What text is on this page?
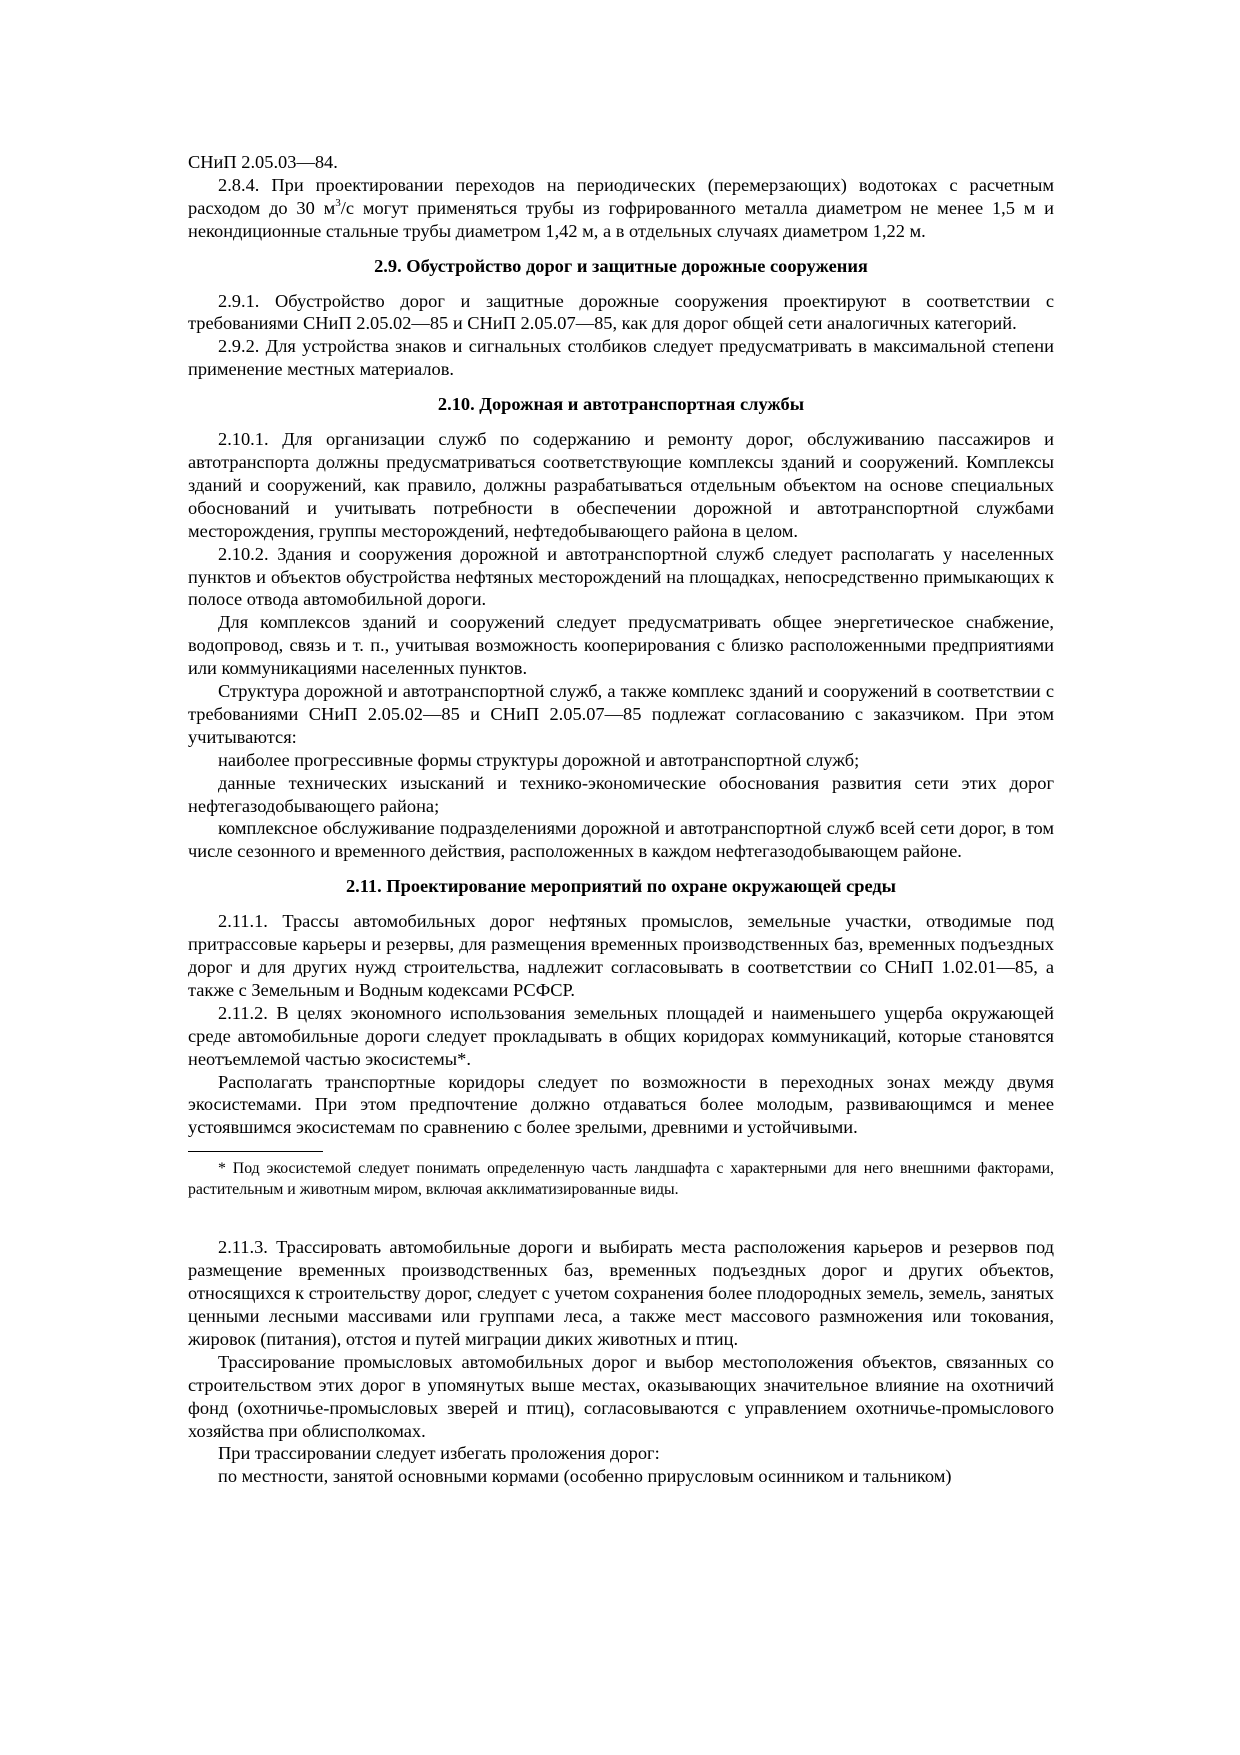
СНиП 2.05.03—84.

2.8.4. При проектировании переходов на периодических (перемерзающих) водотоках с расчетным расходом до 30 $м^3/с$ могут применяться трубы из гофрированного металла диаметром не менее 1,5 м и некондиционные стальные трубы диаметром 1,42 м, а в отдельных случаях диаметром 1,22 м.

2.9. Обустройство дорог и защитные дорожные сооружения

2.9.1. Обустройство дорог и защитные дорожные сооружения проектируют в соответствии с требованиями СНиП 2.05.02—85 и СНиП 2.05.07—85, как для дорог общей сети аналогичных категорий.

2.9.2. Для устройства знаков и сигнальных столбиков следует предусматривать в максимальной степени применение местных материалов.

2.10. Дорожная и автотранспортная службы

2.10.1. Для организации служб по содержанию и ремонту дорог, обслуживанию пассажиров и автотранспорта должны предусматриваться соответствующие комплексы зданий и сооружений. Комплексы зданий и сооружений, как правило, должны разрабатываться отдельным объектом на основе специальных обоснований и учитывать потребности в обеспечении дорожной и автотранспортной службами месторождения, группы месторождений, нефтедобывающего района в целом.

2.10.2. Здания и сооружения дорожной и автотранспортной служб следует располагать у населенных пунктов и объектов обустройства нефтяных месторождений на площадках, непосредственно примыкающих к полосе отвода автомобильной дороги.

Для комплексов зданий и сооружений следует предусматривать общее энергетическое снабжение, водопровод, связь и т. п., учитывая возможность кооперирования с близко расположенными предприятиями или коммуникациями населенных пунктов.

Структура дорожной и автотранспортной служб, а также комплекс зданий и сооружений в соответствии с требованиями СНиП 2.05.02—85 и СНиП 2.05.07—85 подлежат согласованию с заказчиком. При этом учитываются:

наиболее прогрессивные формы структуры дорожной и автотранспортной служб;

данные технических изысканий и технико-экономические обоснования развития сети этих дорог нефтегазодобывающего района;

комплексное обслуживание подразделениями дорожной и автотранспортной служб всей сети дорог, в том числе сезонного и временного действия, расположенных в каждом нефтегазодобывающем районе.

2.11. Проектирование мероприятий по охране окружающей среды

2.11.1. Трассы автомобильных дорог нефтяных промыслов, земельные участки, отводимые под притрассовые карьеры и резервы, для размещения временных производственных баз, временных подъездных дорог и для других нужд строительства, надлежит согласовывать в соответствии со СНиП 1.02.01—85, а также с Земельным и Водным кодексами РСФСР.

2.11.2. В целях экономного использования земельных площадей и наименьшего ущерба окружающей среде автомобильные дороги следует прокладывать в общих коридорах коммуникаций, которые становятся неотъемлемой частью экосистемы*.

Располагать транспортные коридоры следует по возможности в переходных зонах между двумя экосистемами. При этом предпочтение должно отдаваться более молодым, развивающимся и менее устоявшимся экосистемам по сравнению с более зрелыми, древними и устойчивыми.

* Под экосистемой следует понимать определенную часть ландшафта с характерными для него внешними факторами, растительным и животным миром, включая акклиматизированные виды.

2.11.3. Трассировать автомобильные дороги и выбирать места расположения карьеров и резервов под размещение временных производственных баз, временных подъездных дорог и других объектов, относящихся к строительству дорог, следует с учетом сохранения более плодородных земель, земель, занятых ценными лесными массивами или группами леса, а также мест массового размножения или токования, жировок (питания), отстоя и путей миграции диких животных и птиц.

Трассирование промысловых автомобильных дорог и выбор местоположения объектов, связанных со строительством этих дорог в упомянутых выше местах, оказывающих значительное влияние на охотничий фонд (охотничье-промысловых зверей и птиц), согласовываются с управлением охотничье-промыслового хозяйства при облисполкомах.

При трассировании следует избегать проложения дорог:

по местности, занятой основными кормами (особенно прирусловым осинником и тальником)
